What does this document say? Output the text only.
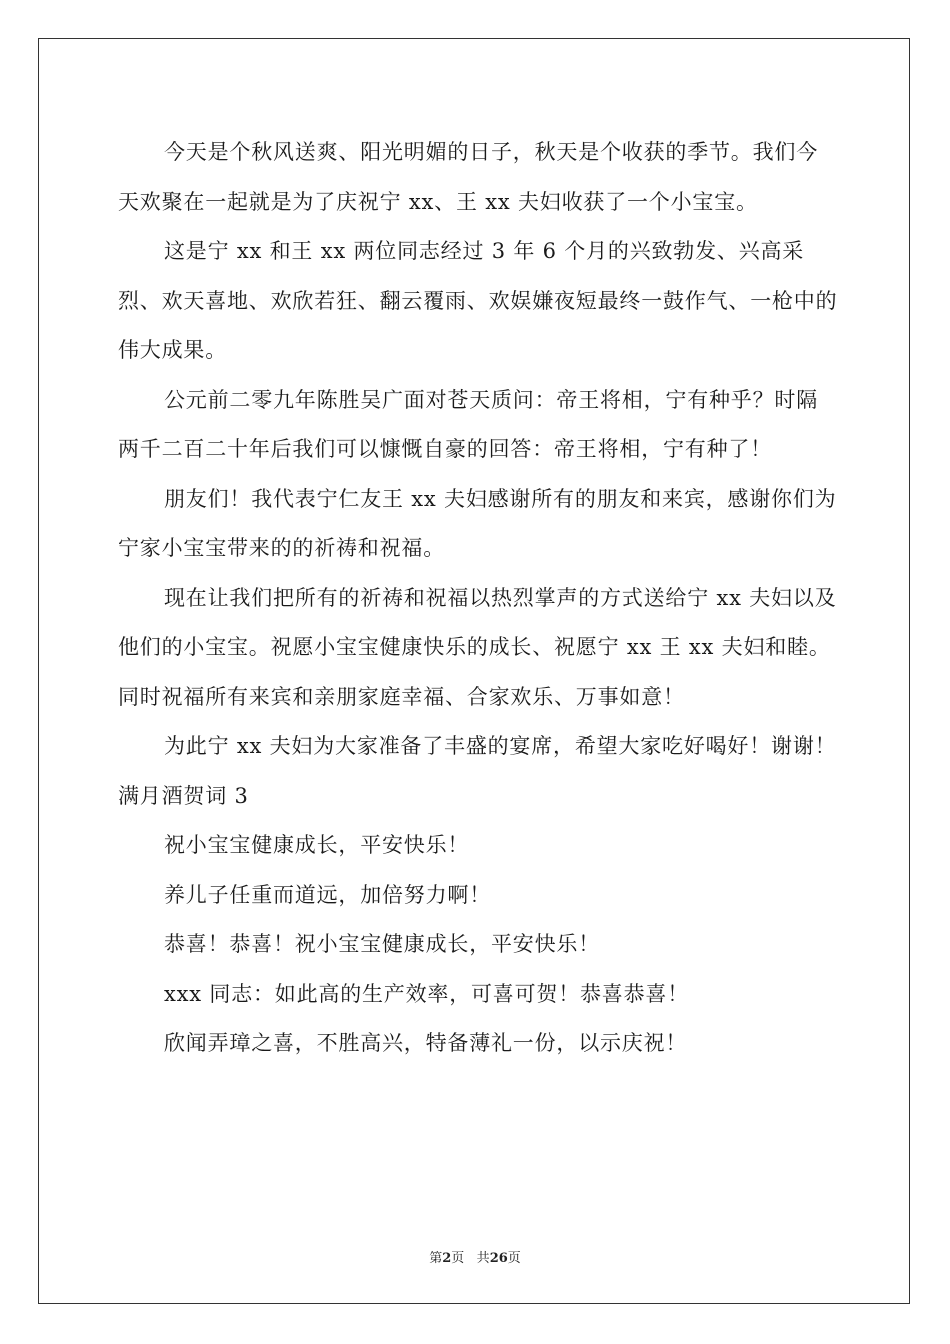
今天是个秋风送爽、阳光明媚的日子，秋天是个收获的季节。我们今天欢聚在一起就是为了庆祝宁 xx、王 xx 夫妇收获了一个小宝宝。

这是宁 xx 和王 xx 两位同志经过 3 年 6 个月的兴致勃发、兴高采烈、欢天喜地、欢欣若狂、翻云覆雨、欢娱嫌夜短最终一鼓作气、一枪中的伟大成果。

公元前二零九年陈胜吴广面对苍天质问：帝王将相，宁有种乎？时隔两千二百二十年后我们可以慷慨自豪的回答：帝王将相，宁有种了！

朋友们！我代表宁仁友王 xx 夫妇感谢所有的朋友和来宾，感谢你们为宁家小宝宝带来的的祈祷和祝福。

现在让我们把所有的祈祷和祝福以热烈掌声的方式送给宁 xx 夫妇以及他们的小宝宝。祝愿小宝宝健康快乐的成长、祝愿宁 xx 王 xx 夫妇和睦。同时祝福所有来宾和亲朋家庭幸福、合家欢乐、万事如意！

为此宁 xx 夫妇为大家准备了丰盛的宴席，希望大家吃好喝好！谢谢！

满月酒贺词 3

祝小宝宝健康成长，平安快乐！

养儿子任重而道远，加倍努力啊！

恭喜！恭喜！祝小宝宝健康成长，平安快乐！

xxx 同志：如此高的生产效率，可喜可贺！恭喜恭喜！

欣闻弄璋之喜，不胜高兴，特备薄礼一份，以示庆祝！

第2页 共26页
